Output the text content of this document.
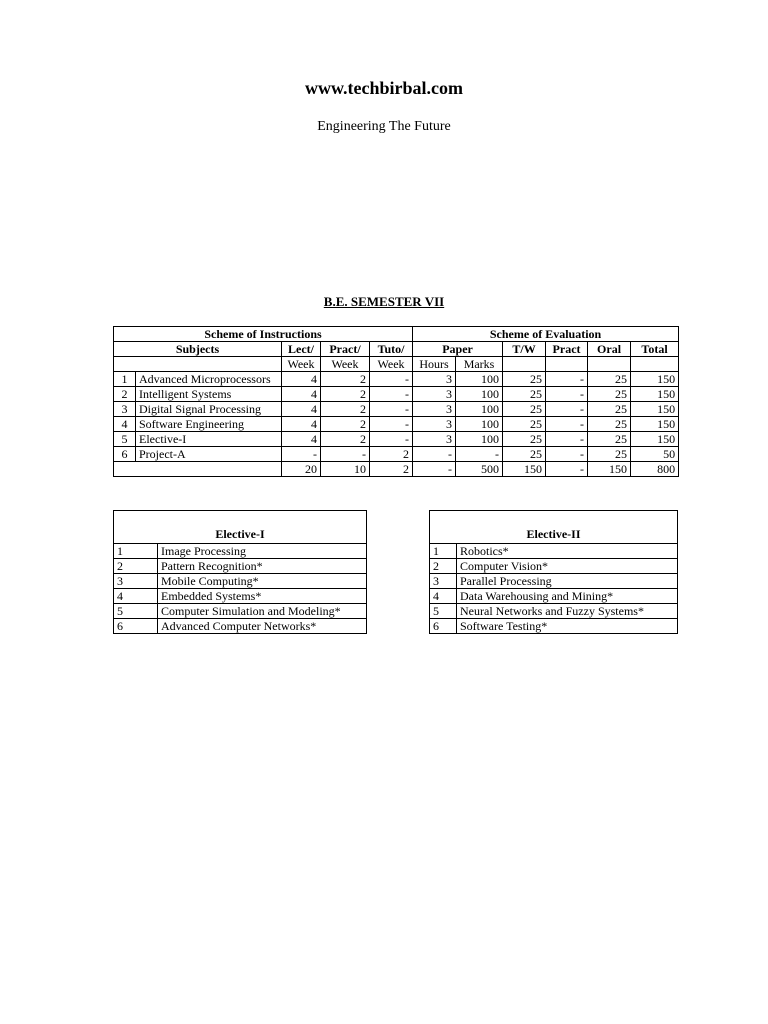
www.techbirbal.com
Engineering The Future
B.E. SEMESTER VII
Scheme of Instructions					Scheme of Evaluation					
Subjects		Lect/	Pract/	Tuto/	Paper		T/W	Pract	Oral	Total
		Week	Week	Week	Hours	Marks				
1	Advanced Microprocessors	4	2	-	3	100	25	-	25	150
2	Intelligent Systems	4	2	-	3	100	25	-	25	150
3	Digital Signal Processing	4	2	-	3	100	25	-	25	150
4	Software Engineering	4	2	-	3	100	25	-	25	150
5	Elective-I	4	2	-	3	100	25	-	25	150
6	Project-A	-	-	2	-	-	25	-	25	50
		20	10	2	-	500	150	-	150	800
Elective-I	
1	Image Processing
2	Pattern Recognition*
3	Mobile Computing*
4	Embedded Systems*
5	Computer Simulation and Modeling*
6	Advanced Computer Networks*
Elective-II	
1	Robotics*
2	Computer Vision*
3	Parallel Processing
4	Data Warehousing and Mining*
5	Neural Networks and Fuzzy Systems*
6	Software Testing*
